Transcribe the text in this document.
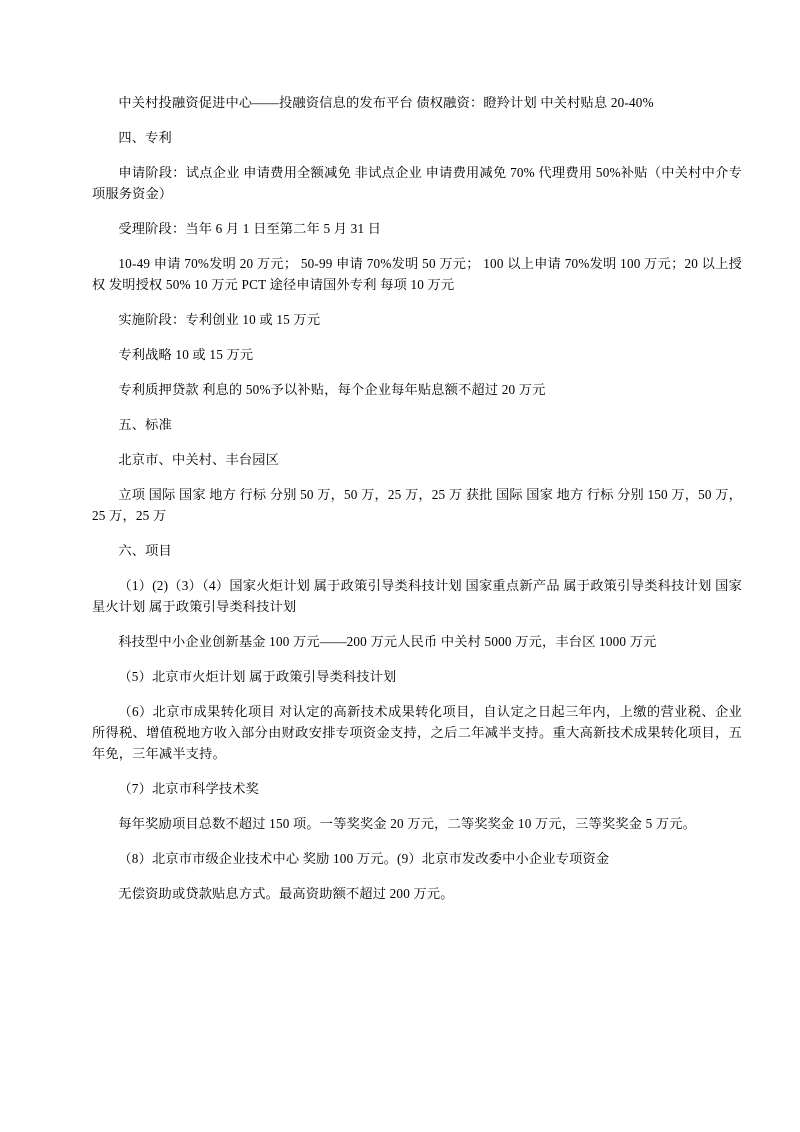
中关村投融资促进中心——投融资信息的发布平台 债权融资：瞪羚计划 中关村贴息 20-40%

四、专利

申请阶段：试点企业 申请费用全额减免 非试点企业 申请费用减免 70% 代理费用 50%补贴（中关村中介专项服务资金）

受理阶段：当年 6 月 1 日至第二年 5 月 31 日

10-49 申请 70%发明 20 万元； 50-99 申请 70%发明 50 万元； 100 以上申请 70%发明 100 万元；20 以上授权 发明授权 50% 10 万元 PCT 途径申请国外专利 每项 10 万元

实施阶段：专利创业 10 或 15 万元

专利战略 10 或 15 万元

专利质押贷款 利息的 50%予以补贴，每个企业每年贴息额不超过 20 万元

五、标准

北京市、中关村、丰台园区

立项 国际 国家 地方 行标 分别 50 万，50 万，25 万，25 万 获批 国际 国家 地方 行标 分别 150 万，50 万，25 万，25 万

六、项目

（1）(2)（3）（4）国家火炬计划 属于政策引导类科技计划 国家重点新产品 属于政策引导类科技计划 国家星火计划 属于政策引导类科技计划

科技型中小企业创新基金 100 万元——200 万元人民币 中关村 5000 万元，丰台区 1000 万元

（5）北京市火炬计划 属于政策引导类科技计划

（6）北京市成果转化项目 对认定的高新技术成果转化项目，自认定之日起三年内，上缴的营业税、企业所得税、增值税地方收入部分由财政安排专项资金支持，之后二年减半支持。重大高新技术成果转化项目，五年免，三年减半支持。

（7）北京市科学技术奖

每年奖励项目总数不超过 150 项。一等奖奖金 20 万元，二等奖奖金 10 万元，三等奖奖金 5 万元。

（8）北京市市级企业技术中心 奖励 100 万元。(9）北京市发改委中小企业专项资金

无偿资助或贷款贴息方式。最高资助额不超过 200 万元。
